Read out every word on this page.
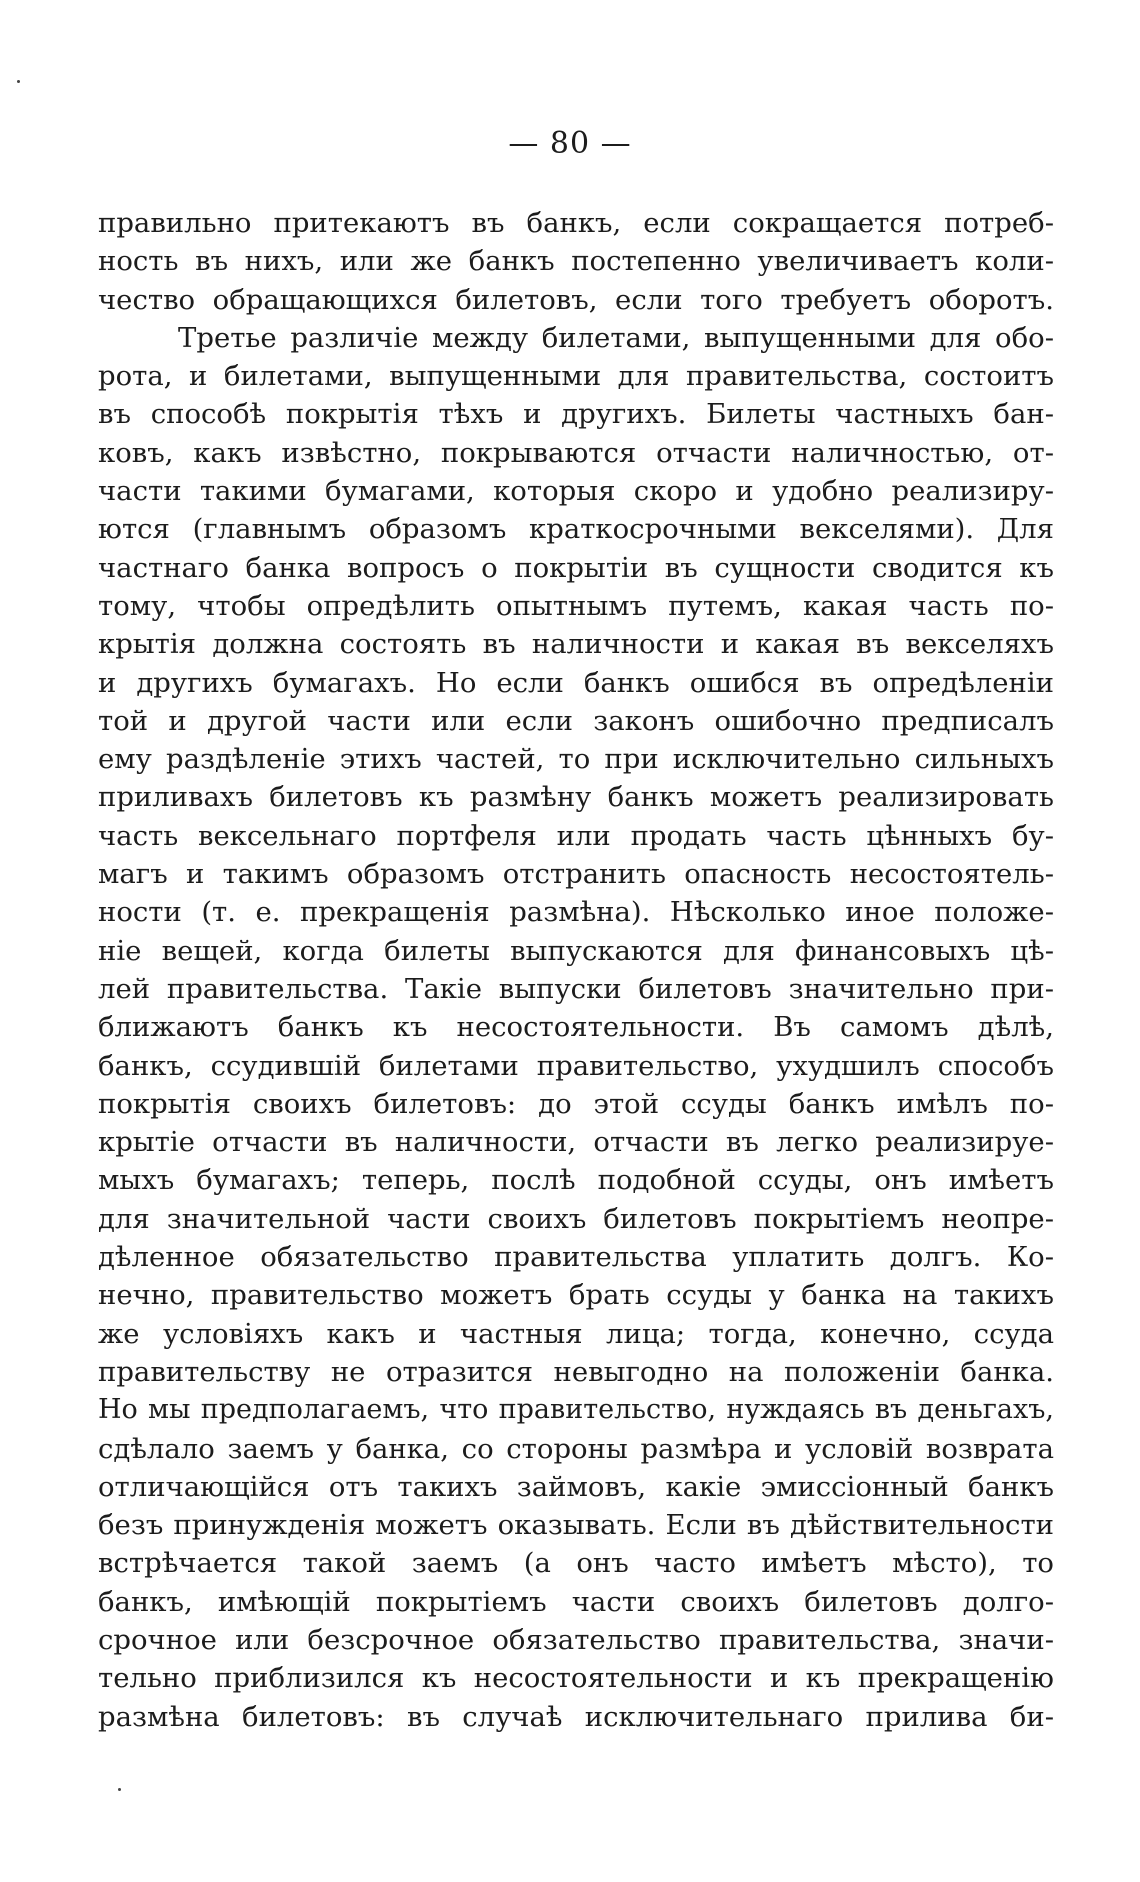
— 80 —
правильно притекаютъ въ банкъ, если сокращается потреб-
ность въ нихъ, или же банкъ постепенно увеличиваетъ коли-
чество обращающихся билетовъ, если того требуетъ оборотъ.
Третье различіе между билетами, выпущенными для обо-
рота, и билетами, выпущенными для правительства, состоитъ
въ способѣ покрытія тѣхъ и другихъ. Билеты частныхъ бан-
ковъ, какъ извѣстно, покрываются отчасти наличностью, от-
части такими бумагами, которыя скоро и удобно реализиру-
ются (главнымъ образомъ краткосрочными векселями). Для
частнаго банка вопросъ о покрытіи въ сущности сводится къ
тому, чтобы опредѣлить опытнымъ путемъ, какая часть по-
крытія должна состоять въ наличности и какая въ векселяхъ
и другихъ бумагахъ. Но если банкъ ошибся въ опредѣленіи
той и другой части или если законъ ошибочно предписалъ
ему раздѣленіе этихъ частей, то при исключительно сильныхъ
приливахъ билетовъ къ размѣну банкъ можетъ реализировать
часть вексельнаго портфеля или продать часть цѣнныхъ бу-
магъ и такимъ образомъ отстранить опасность несостоятель-
ности (т. е. прекращенія размѣна). Нѣсколько иное положе-
ніе вещей, когда билеты выпускаются для финансовыхъ цѣ-
лей правительства. Такіе выпуски билетовъ значительно при-
ближаютъ банкъ къ несостоятельности. Въ самомъ дѣлѣ,
банкъ, ссудившій билетами правительство, ухудшилъ способъ
покрытія своихъ билетовъ: до этой ссуды банкъ имѣлъ по-
крытіе отчасти въ наличности, отчасти въ легко реализируе-
мыхъ бумагахъ; теперь, послѣ подобной ссуды, онъ имѣетъ
для значительной части своихъ билетовъ покрытіемъ неопре-
дѣленное обязательство правительства уплатить долгъ. Ко-
нечно, правительство можетъ брать ссуды у банка на такихъ
же условіяхъ какъ и частныя лица; тогда, конечно, ссуда
правительству не отразится невыгодно на положеніи банка.
Но мы предполагаемъ, что правительство, нуждаясь въ деньгахъ,
сдѣлало заемъ у банка, со стороны размѣра и условій возврата
отличающійся отъ такихъ займовъ, какіе эмиссіонный банкъ
безъ принужденія можетъ оказывать. Если въ дѣйствительности
встрѣчается такой заемъ (а онъ часто имѣетъ мѣсто), то
банкъ, имѣющій покрытіемъ части своихъ билетовъ долго-
срочное или безсрочное обязательство правительства, значи-
тельно приблизился къ несостоятельности и къ прекращенію
размѣна билетовъ: въ случаѣ исключительнаго прилива би-
